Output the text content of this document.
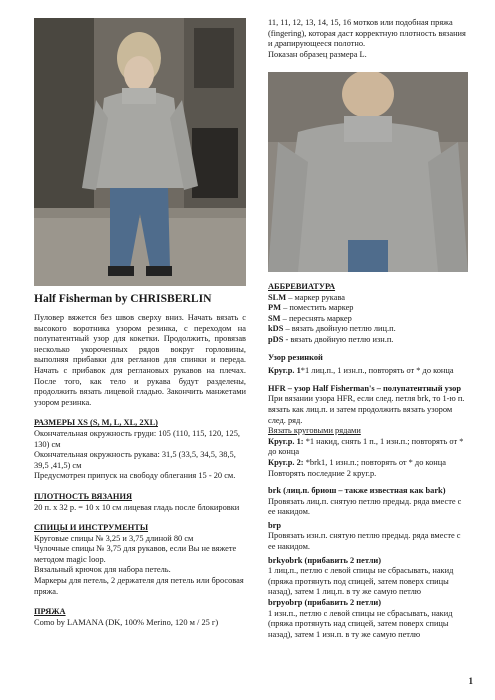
Half Fisherman by CHRISBERLIN

Пуловер вяжется без швов сверху вниз. Начать вязать с высокого воротника узором резинка, с переходом на полупатентный узор для кокетки. Продолжить, провязав несколько укороченных рядов вокруг горловины, выполняя прибавки для регланов для спинки и переда. Начать с прибавок для реглановых рукавов на плечах. После того, как тело и рукава будут разделены, продолжить вязать лицевой гладью. Закончить манжетами узором резинка.

РАЗМЕРЫ XS (S, M, L, XL, 2XL)
Окончательная окружность груди: 105 (110, 115, 120, 125, 130) см
Окончательная окружность рукава: 31,5 (33,5, 34,5, 38,5, 39,5 ,41,5) см
Предусмотрен припуск на свободу облегания 15 - 20 см.
ПЛОТНОСТЬ ВЯЗАНИЯ
20 п. x 32 р. = 10 x 10 см лицевая гладь после блокировки
СПИЦЫ И ИНСТРУМЕНТЫ
Круговые спицы № 3,25 и 3,75 длиной 80 см
Чулочные спицы № 3,75 для рукавов, если Вы не вяжете методом magic loop.
Вязальный крючок для набора петель.
Маркеры для петель, 2 держателя для петель или бросовая пряжа.
ПРЯЖА
Como by LAMANA (DK, 100% Merino, 120 м / 25 г)
11, 11, 12, 13, 14, 15, 16 мотков или подобная пряжа (fingering), которая даст корректную плотность вязания и драпирующееся полотно.
Показан образец размера L.
АББРЕВИАТУРА
SLM – маркер рукава
PM – поместить маркер
SM – переснять маркер
kDS – вязать двойную петлю лиц.п.
pDS - вязать двойную петлю изн.п.
Узор резинкой
Круг.р. 1*1 лиц.п., 1 изн.п., повторять от * до конца
HFR – узор Half Fisherman's – полупатентный узор
При вязании узора HFR, если след. петля brk, то 1-ю п. вязать как лиц.п. и затем продолжить вязать узором след. ряд.
Вязать круговыми рядами
Круг.р. 1: *1 накид, снять 1 п., 1 изн.п.; повторять от * до конца
Круг.р. 2: *brk1, 1 изн.п.; повторять от * до конца
Повторять последние 2 круг.р.
brk (лиц.п. бриош – также известная как bark)
Провязать лиц.п. снятую петлю предыд. ряда вместе с ее накидом.
brp
Провязать изн.п. снятую петлю предыд. ряда вместе с ее накидом.
brkyobrk (прибавить 2 петли)
1 лиц.п., петлю с левой спицы не сбрасывать, накид (пряжа протянуть под спицей, затем поверх спицы назад), затем 1 лиц.п. в ту же самую петлю
brpyobrp (прибавить 2 петли)
1 изн.п., петлю с левой спицы не сбрасывать, накид (пряжа протянуть над спицей, затем поверх спицы назад), затем 1 изн.п. в ту же самую петлю
1
